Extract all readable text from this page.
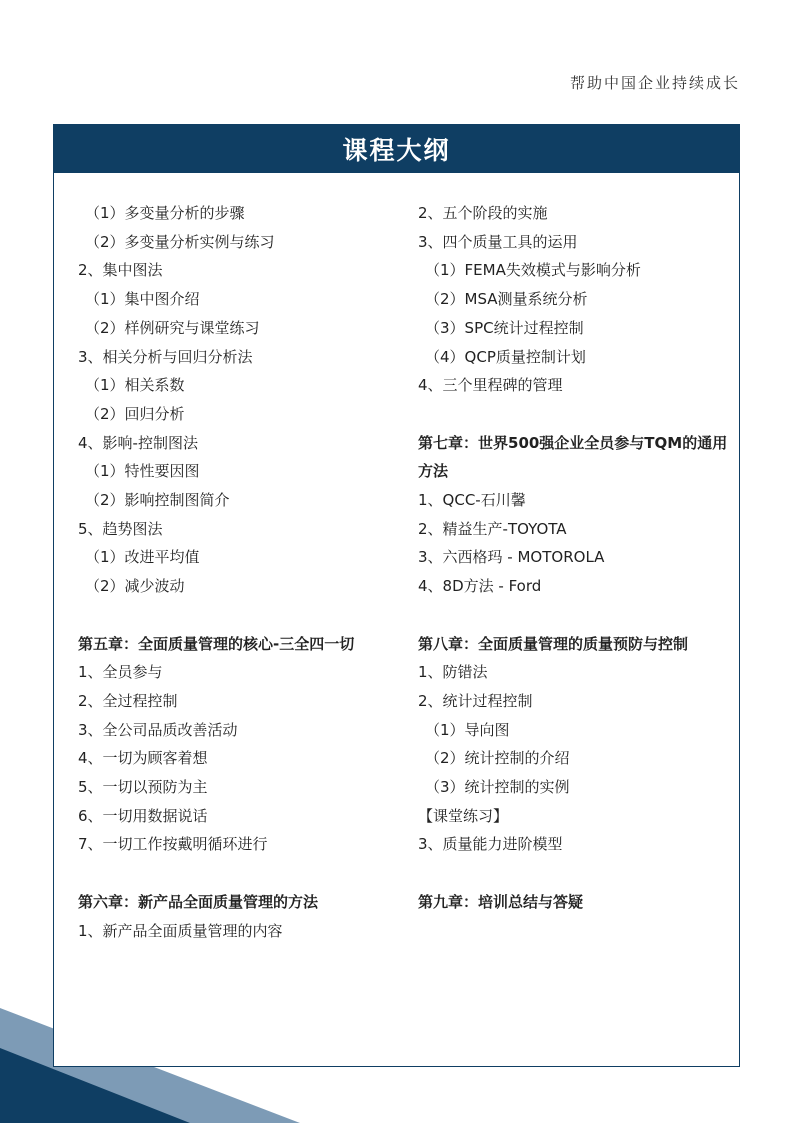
帮助中国企业持续成长
课程大纲
（1）多变量分析的步骤
（2）多变量分析实例与练习
2、集中图法
（1）集中图介绍
（2）样例研究与课堂练习
3、相关分析与回归分析法
（1）相关系数
（2）回归分析
4、影响-控制图法
（1）特性要因图
（2）影响控制图简介
5、趋势图法
（1）改进平均值
（2）减少波动
第五章：全面质量管理的核心-三全四一切
1、全员参与
2、全过程控制
3、全公司品质改善活动
4、一切为顾客着想
5、一切以预防为主
6、一切用数据说话
7、一切工作按戴明循环进行
第六章：新产品全面质量管理的方法
1、新产品全面质量管理的内容
2、五个阶段的实施
3、四个质量工具的运用
（1）FEMA失效模式与影响分析
（2）MSA测量系统分析
（3）SPC统计过程控制
（4）QCP质量控制计划
4、三个里程碑的管理
第七章：世界500强企业全员参与TQM的通用方法
1、QCC-石川馨
2、精益生产-TOYOTA
3、六西格玛 - MOTOROLA
4、8D方法 - Ford
第八章：全面质量管理的质量预防与控制
1、防错法
2、统计过程控制
（1）导向图
（2）统计控制的介绍
（3）统计控制的实例
【课堂练习】
3、质量能力进阶模型
第九章：培训总结与答疑
